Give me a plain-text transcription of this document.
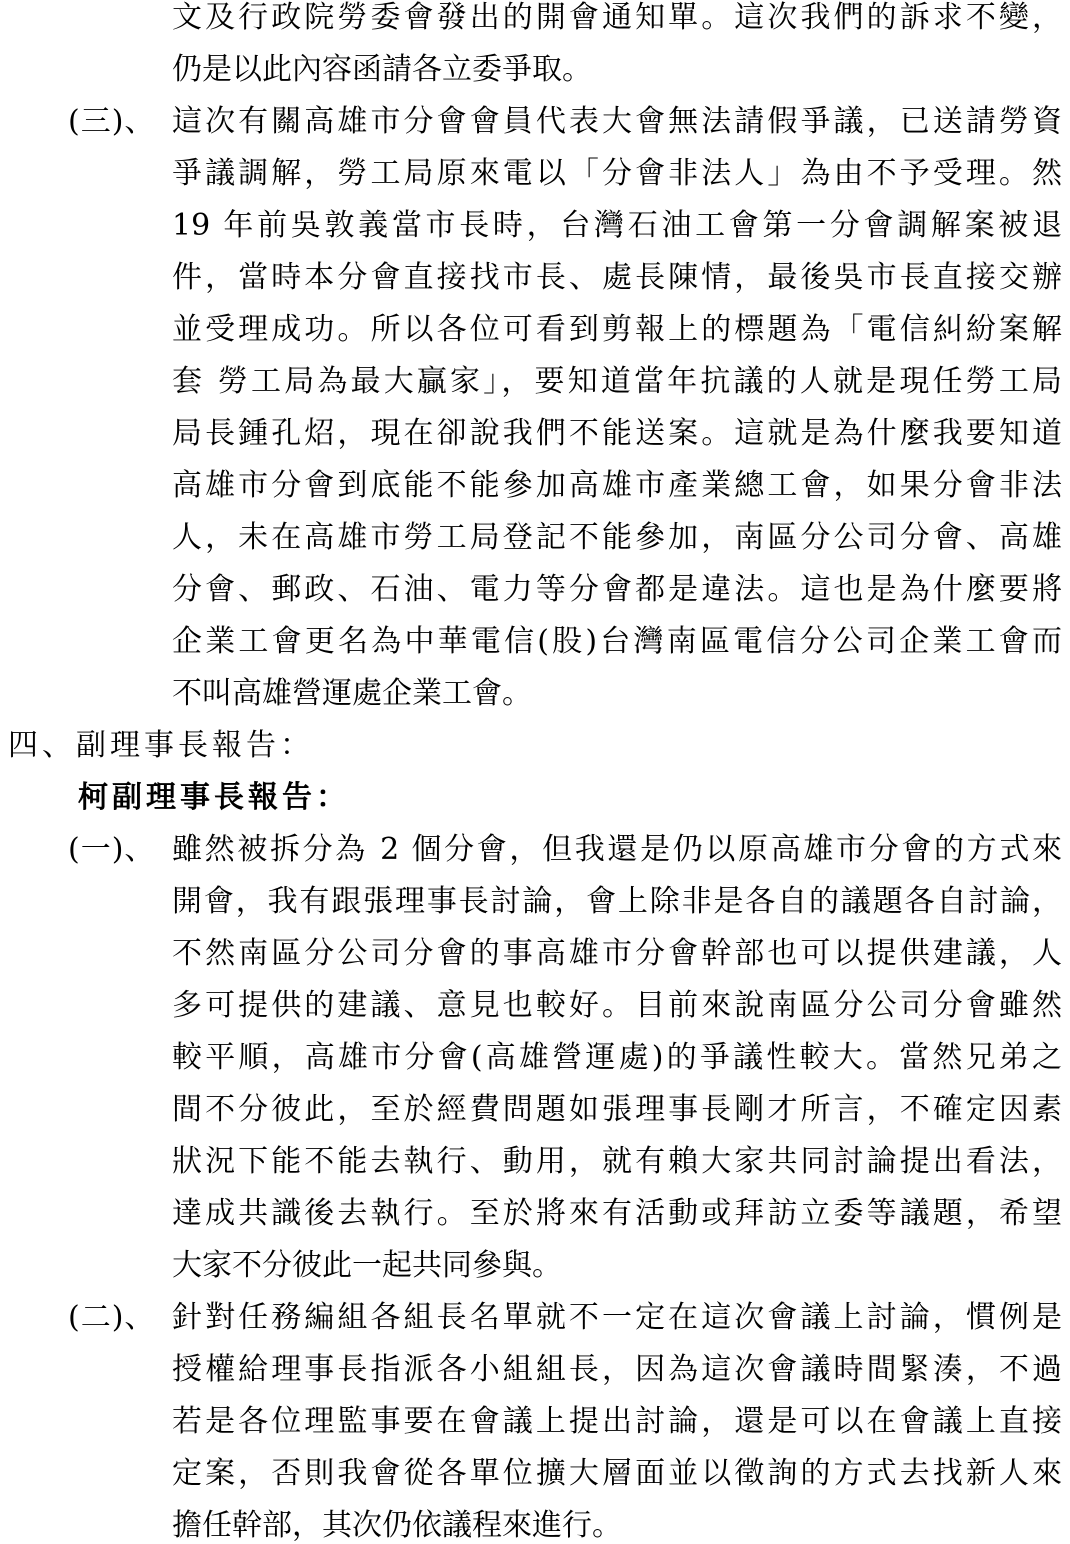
文及行政院勞委會發出的開會通知單。這次我們的訴求不變，
仍是以此內容函請各立委爭取。
(三)、 這次有關高雄市分會會員代表大會無法請假爭議，已送請勞資
爭議調解，勞工局原來電以「分會非法人」為由不予受理。然
19 年前吳敦義當市長時，台灣石油工會第一分會調解案被退
件，當時本分會直接找市長、處長陳情，最後吳市長直接交辦
並受理成功。所以各位可看到剪報上的標題為「電信糾紛案解
套 勞工局為最大贏家」，要知道當年抗議的人就是現任勞工局
局長鍾孔炤，現在卻說我們不能送案。這就是為什麼我要知道
高雄市分會到底能不能參加高雄市產業總工會，如果分會非法
人，未在高雄市勞工局登記不能參加，南區分公司分會、高雄
分會、郵政、石油、電力等分會都是違法。這也是為什麼要將
企業工會更名為中華電信(股)台灣南區電信分公司企業工會而
不叫高雄營運處企業工會。
四、副理事長報告：
柯副理事長報告：
(一)、 雖然被拆分為 2 個分會，但我還是仍以原高雄市分會的方式來
開會，我有跟張理事長討論，會上除非是各自的議題各自討論，
不然南區分公司分會的事高雄市分會幹部也可以提供建議，人
多可提供的建議、意見也較好。目前來說南區分公司分會雖然
較平順，高雄市分會(高雄營運處)的爭議性較大。當然兄弟之
間不分彼此，至於經費問題如張理事長剛才所言，不確定因素
狀況下能不能去執行、動用，就有賴大家共同討論提出看法，
達成共識後去執行。至於將來有活動或拜訪立委等議題，希望
大家不分彼此一起共同參與。
(二)、 針對任務編組各組長名單就不一定在這次會議上討論，慣例是
授權給理事長指派各小組組長，因為這次會議時間緊湊，不過
若是各位理監事要在會議上提出討論，還是可以在會議上直接
定案，否則我會從各單位擴大層面並以徵詢的方式去找新人來
擔任幹部，其次仍依議程來進行。
